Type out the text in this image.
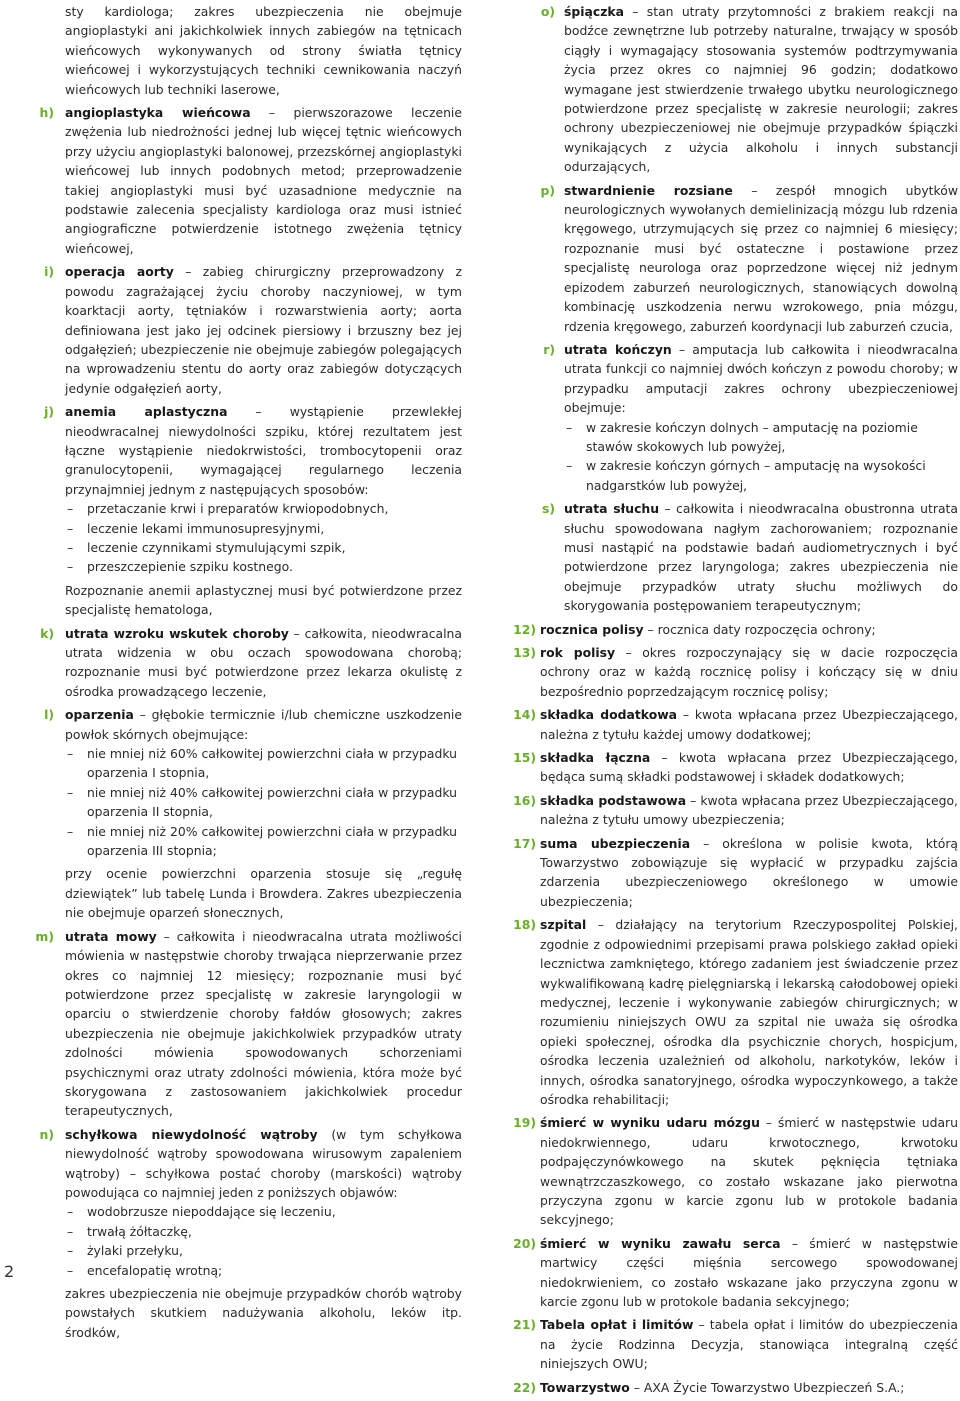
sty kardiologa; zakres ubezpieczenia nie obejmuje angioplastyki ani jakichkolwiek innych zabiegów na tętnicach wieńcowych wykonywanych od strony światła tętnicy wieńcowej i wykorzystujących techniki cewnikowania naczyń wieńcowych lub techniki laserowe,

h) angioplastyka wieńcowa – pierwszorazowe leczenie zwężenia lub niedrożności jednej lub więcej tętnic wieńcowych przy użyciu angioplastyki balonowej, przezskórnej angioplastyki wieńcowej lub innych podobnych metod; przeprowadzenie takiej angioplastyki musi być uzasadnione medycznie na podstawie zalecenia specjalisty kardiologa oraz musi istnieć angiograficzne potwierdzenie istotnego zwężenia tętnicy wieńcowej,
i) operacja aorty – zabieg chirurgiczny przeprowadzony z powodu zagrażającej życiu choroby naczyniowej, w tym koarktacji aorty, tętniaków i rozwarstwienia aorty; aorta definiowana jest jako jej odcinek piersiowy i brzuszny bez jej odgałęzień; ubezpieczenie nie obejmuje zabiegów polegających na wprowadzeniu stentu do aorty oraz zabiegów dotyczących jedynie odgałęzień aorty,
j) anemia aplastyczna – wystąpienie przewlekłej nieodwracalnej niewydolności szpiku, której rezultatem jest łączne wystąpienie niedokrwistości, trombocytopenii oraz granulocytopenii, wymagającej regularnego leczenia przynajmniej jednym z następujących sposobów:
– przetaczanie krwi i preparatów krwiopodobnych,
– leczenie lekami immunosupresyjnymi,
– leczenie czynnikami stymulującymi szpik,
– przeszczepienie szpiku kostnego.
Rozpoznanie anemii aplastycznej musi być potwierdzone przez specjalistę hematologa,
k) utrata wzroku wskutek choroby – całkowita, nieodwracalna utrata widzenia w obu oczach spowodowana chorobą; rozpoznanie musi być potwierdzone przez lekarza okulistę z ośrodka prowadzącego leczenie,
l) oparzenia – głębokie termicznie i/lub chemiczne uszkodzenie powłok skórnych obejmujące:
– nie mniej niż 60% całkowitej powierzchni ciała w przypadku oparzenia I stopnia,
– nie mniej niż 40% całkowitej powierzchni ciała w przypadku oparzenia II stopnia,
– nie mniej niż 20% całkowitej powierzchni ciała w przypadku oparzenia III stopnia;
przy ocenie powierzchni oparzenia stosuje się „regułę dziewiątek” lub tabelę Lunda i Browdera. Zakres ubezpieczenia nie obejmuje oparzeń słonecznych,
m) utrata mowy – całkowita i nieodwracalna utrata możliwości mówienia w następstwie choroby trwająca nieprzerwanie przez okres co najmniej 12 miesięcy; rozpoznanie musi być potwierdzone przez specjalistę w zakresie laryngologii w oparciu o stwierdzenie choroby fałdów głosowych; zakres ubezpieczenia nie obejmuje jakichkolwiek przypadków utraty zdolności mówienia spowodowanych schorzeniami psychicznymi oraz utraty zdolności mówienia, która może być skorygowana z zastosowaniem jakichkolwiek procedur terapeutycznych,
n) schyłkowa niewydolność wątroby (w tym schyłkowa niewydolność wątroby spowodowana wirusowym zapaleniem wątroby) – schyłkowa postać choroby (marskości) wątroby powodująca co najmniej jeden z poniższych objawów:
– wodobrzusze niepoddające się leczeniu,
– trwałą żółtaczkę,
– żylaki przełyku,
– encefalopatię wrotną;
zakres ubezpieczenia nie obejmuje przypadków chorób wątroby powstałych skutkiem nadużywania alkoholu, leków itp. środków,
o) śpiączka – stan utraty przytomności z brakiem reakcji na bodźce zewnętrzne lub potrzeby naturalne, trwający w sposób ciągły i wymagający stosowania systemów podtrzymywania życia przez okres co najmniej 96 godzin; dodatkowo wymagane jest stwierdzenie trwałego ubytku neurologicznego potwierdzone przez specjalistę w zakresie neurologii; zakres ochrony ubezpieczeniowej nie obejmuje przypadków śpiączki wynikających z użycia alkoholu i innych substancji odurzających,
p) stwardnienie rozsiane – zespół mnogich ubytków neurologicznych wywołanych demielinizacją mózgu lub rdzenia kręgowego, utrzymujących się przez co najmniej 6 miesięcy; rozpoznanie musi być ostateczne i postawione przez specjalistę neurologa oraz poprzedzone więcej niż jednym epizodem zaburzeń neurologicznych, stanowiących dowolną kombinację uszkodzenia nerwu wzrokowego, pnia mózgu, rdzenia kręgowego, zaburzeń koordynacji lub zaburzeń czucia,
r) utrata kończyn – amputacja lub całkowita i nieodwracalna utrata funkcji co najmniej dwóch kończyn z powodu choroby; w przypadku amputacji zakres ochrony ubezpieczeniowej obejmuje:
– w zakresie kończyn dolnych – amputację na poziomie stawów skokowych lub powyżej,
– w zakresie kończyn górnych – amputację na wysokości nadgarstków lub powyżej,
s) utrata słuchu – całkowita i nieodwracalna obustronna utrata słuchu spowodowana nagłym zachorowaniem; rozpoznanie musi nastąpić na podstawie badań audiometrycznych i być potwierdzone przez laryngologa; zakres ubezpieczenia nie obejmuje przypadków utraty słuchu możliwych do skorygowania postępowaniem terapeutycznym;
12) rocznica polisy – rocznica daty rozpoczęcia ochrony;
13) rok polisy – okres rozpoczynający się w dacie rozpoczęcia ochrony oraz w każdą rocznicę polisy i kończący się w dniu bezpośrednio poprzedzającym rocznicę polisy;
14) składka dodatkowa – kwota wpłacana przez Ubezpieczającego, należna z tytułu każdej umowy dodatkowej;
15) składka łączna – kwota wpłacana przez Ubezpieczającego, będąca sumą składki podstawowej i składek dodatkowych;
16) składka podstawowa – kwota wpłacana przez Ubezpieczającego, należna z tytułu umowy ubezpieczenia;
17) suma ubezpieczenia – określona w polisie kwota, którą Towarzystwo zobowiązuje się wypłacić w przypadku zajścia zdarzenia ubezpieczeniowego określonego w umowie ubezpieczenia;
18) szpital – działający na terytorium Rzeczypospolitej Polskiej, zgodnie z odpowiednimi przepisami prawa polskiego zakład opieki lecznictwa zamkniętego, którego zadaniem jest świadczenie przez wykwalifikowaną kadrę pielęgniarską i lekarską całodobowej opieki medycznej, leczenie i wykonywanie zabiegów chirurgicznych; w rozumieniu niniejszych OWU za szpital nie uważa się ośrodka opieki społecznej, ośrodka dla psychicznie chorych, hospicjum, ośrodka leczenia uzależnień od alkoholu, narkotyków, leków i innych, ośrodka sanatoryjnego, ośrodka wypoczynkowego, a także ośrodka rehabilitacji;
19) śmierć w wyniku udaru mózgu – śmierć w następstwie udaru niedokrwiennego, udaru krwotocznego, krwotoku podpajęczynówkowego na skutek pęknięcia tętniaka wewnątrzczaszkowego, co zostało wskazane jako pierwotna przyczyna zgonu w karcie zgonu lub w protokole badania sekcyjnego;
20) śmierć w wyniku zawału serca – śmierć w następstwie martwicy części mięśnia sercowego spowodowanej niedokrwieniem, co zostało wskazane jako przyczyna zgonu w karcie zgonu lub w protokole badania sekcyjnego;
21) Tabela opłat i limitów – tabela opłat i limitów do ubezpieczenia na życie Rodzinna Decyzja, stanowiąca integralną część niniejszych OWU;
22) Towarzystwo – AXA Życie Towarzystwo Ubezpieczeń S.A.;
2
